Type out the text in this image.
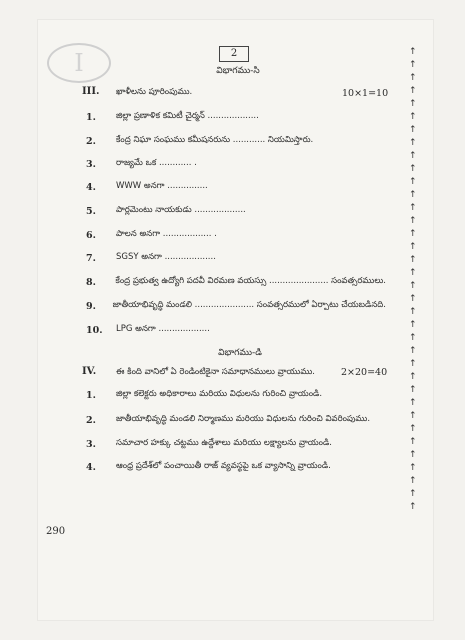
I	2
విభాగము-సి
III. ఖాళీలను పూరింపుము.	10×1=10
1.	జిల్లా ప్రణాళిక కమిటీ చైర్మన్ ...................
2.	కేంద్ర నిఘా సంఘము కమీషనరును ............ నియమిస్తారు.
3.	రాజ్యమే ఒక ............ .
4.	WWW అనగా ...............
5.	పార్లమెంటు నాయకుడు ...................
6.	పాలన అనగా .................. .
7.	SGSY అనగా ...................
8.	కేంద్ర ప్రభుత్వ ఉద్యోగి పదవీ విరమణ వయస్సు ...................... సంవత్సరములు.
9.	జాతీయాభివృద్ధి మండలి ...................... సంవత్సరములో ఏర్పాటు చేయబడినది.
10.	LPG అనగా ...................
విభాగము-డి
IV. ఈ కింది వానిలో ఏ రెండింటికైనా సమాధానములు వ్రాయుము.	2×20=40
1.	జిల్లా కలెక్టరు అధికారాలు మరియు విధులను గురించి వ్రాయండి.
2.	జాతీయాభివృద్ధి మండలి నిర్మాణము మరియు విధులను గురించి వివరింపుము.
3.	సమాచార హక్కు చట్టము ఉద్దేశాలు మరియు లక్ష్యాలను వ్రాయండి.
4.	ఆంధ్ర ప్రదేశ్‌లో పంచాయితీ రాజ్ వ్యవస్థపై ఒక వ్యాసాన్ని వ్రాయండి.
↑
↑
↑
↑
↑
↑
↑
↑
↑
↑
↑
↑
↑
↑
↑
↑
↑
↑
↑
↑
↑
↑
↑
↑
↑
↑
↑
↑
↑
↑
↑
↑
↑
↑
↑
↑
290
